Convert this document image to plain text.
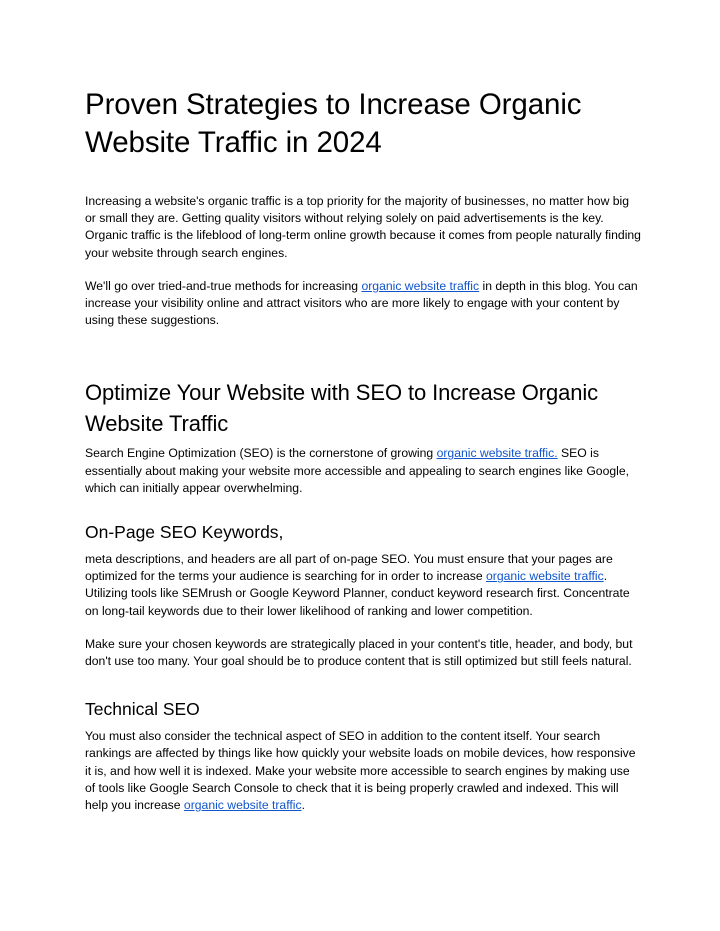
Proven Strategies to Increase Organic Website Traffic in 2024

Increasing a website's organic traffic is a top priority for the majority of businesses, no matter how big or small they are. Getting quality visitors without relying solely on paid advertisements is the key. Organic traffic is the lifeblood of long-term online growth because it comes from people naturally finding your website through search engines.

We'll go over tried-and-true methods for increasing organic website traffic in depth in this blog. You can increase your visibility online and attract visitors who are more likely to engage with your content by using these suggestions.

Optimize Your Website with SEO to Increase Organic Website Traffic

Search Engine Optimization (SEO) is the cornerstone of growing organic website traffic. SEO is essentially about making your website more accessible and appealing to search engines like Google, which can initially appear overwhelming.

On-Page SEO Keywords,

meta descriptions, and headers are all part of on-page SEO. You must ensure that your pages are optimized for the terms your audience is searching for in order to increase organic website traffic. Utilizing tools like SEMrush or Google Keyword Planner, conduct keyword research first. Concentrate on long-tail keywords due to their lower likelihood of ranking and lower competition.

Make sure your chosen keywords are strategically placed in your content's title, header, and body, but don't use too many. Your goal should be to produce content that is still optimized but still feels natural.

Technical SEO

You must also consider the technical aspect of SEO in addition to the content itself. Your search rankings are affected by things like how quickly your website loads on mobile devices, how responsive it is, and how well it is indexed. Make your website more accessible to search engines by making use of tools like Google Search Console to check that it is being properly crawled and indexed. This will help you increase organic website traffic.
